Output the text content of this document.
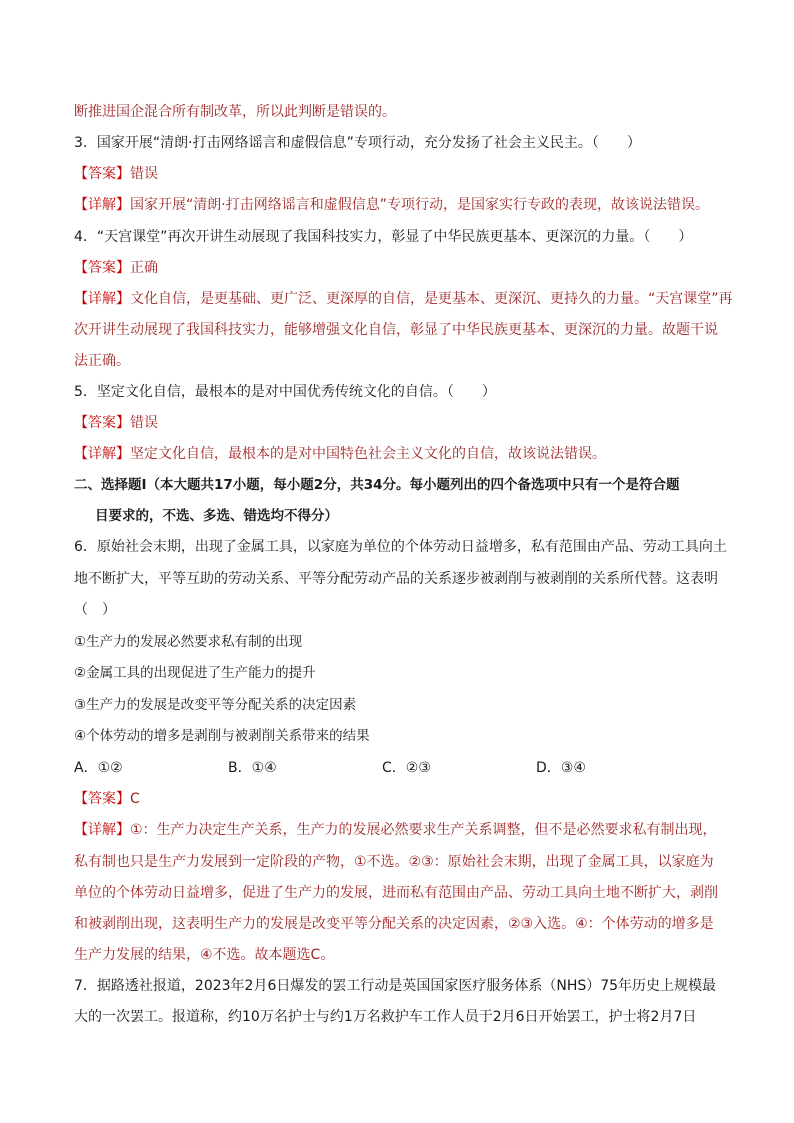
断推进国企混合所有制改革，所以此判断是错误的。
3．国家开展“清朗·打击网络谣言和虚假信息”专项行动，充分发扬了社会主义民主。（　　）
【答案】错误
【详解】国家开展“清朗·打击网络谣言和虚假信息”专项行动，是国家实行专政的表现，故该说法错误。
4．“天宫课堂”再次开讲生动展现了我国科技实力，彰显了中华民族更基本、更深沉的力量。（　　）
【答案】正确
【详解】文化自信，是更基础、更广泛、更深厚的自信，是更基本、更深沉、更持久的力量。“天宫课堂”再
次开讲生动展现了我国科技实力，能够增强文化自信，彰显了中华民族更基本、更深沉的力量。故题干说
法正确。
5．坚定文化自信，最根本的是对中国优秀传统文化的自信。（　　）
【答案】错误
【详解】坚定文化自信，最根本的是对中国特色社会主义文化的自信，故该说法错误。
二、选择题Ⅰ（本大题共17小题，每小题2分，共34分。每小题列出的四个备选项中只有一个是符合题
目要求的，不选、多选、错选均不得分）
6．原始社会末期，出现了金属工具，以家庭为单位的个体劳动日益增多，私有范围由产品、劳动工具向土
地不断扩大，平等互助的劳动关系、平等分配劳动产品的关系逐步被剥削与被剥削的关系所代替。这表明
（　）
①生产力的发展必然要求私有制的出现
②金属工具的出现促进了生产能力的提升
③生产力的发展是改变平等分配关系的决定因素
④个体劳动的增多是剥削与被剥削关系带来的结果
A．①②	B．①④	C．②③	D．③④
【答案】C
【详解】①：生产力决定生产关系，生产力的发展必然要求生产关系调整，但不是必然要求私有制出现，
私有制也只是生产力发展到一定阶段的产物，①不选。②③：原始社会末期，出现了金属工具，以家庭为
单位的个体劳动日益增多，促进了生产力的发展，进而私有范围由产品、劳动工具向土地不断扩大，剥削
和被剥削出现，这表明生产力的发展是改变平等分配关系的决定因素，②③入选。④：个体劳动的增多是
生产力发展的结果，④不选。故本题选C。
7．据路透社报道，2023年2月6日爆发的罢工行动是英国国家医疗服务体系（NHS）75年历史上规模最
大的一次罢工。报道称，约10万名护士与约1万名救护车工作人员于2月6日开始罢工，护士将2月7日
